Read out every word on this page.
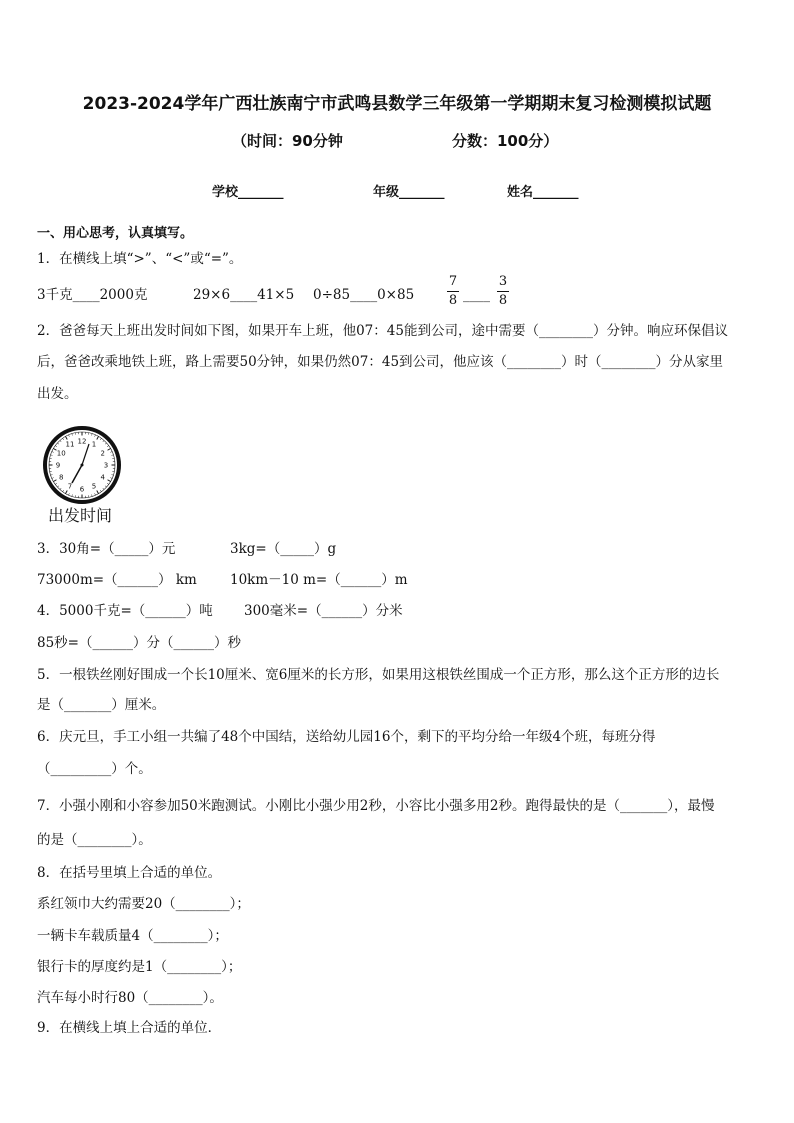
2023-2024学年广西壮族南宁市武鸣县数学三年级第一学期期末复习检测模拟试题
（时间：90分钟	分数：100分）
学校_______	年级_______	姓名_______
一、用心思考，认真填写。
1．在横线上填“>”、“<”或“=”。
3千克____2000克	29×6____41×5 0÷85____0×85
7
8 ____
3
8
2．爸爸每天上班出发时间如下图，如果开车上班，他07：45能到公司，途中需要（________）分钟。响应环保倡议
后，爸爸改乘地铁上班，路上需要50分钟，如果仍然07：45到公司，他应该（________）时（________）分从家里
出发。
12 1
2
3
4
5
6
7
8
9
10
11
出发时间
3．30角=（_____）元	3kg=（_____）g
73000m=（______） km 10km－10 m=（______）m
4．5000千克=（______）吨 300毫米=（______）分米
85秒=（______）分（______）秒
5．一根铁丝刚好围成一个长10厘米、宽6厘米的长方形，如果用这根铁丝围成一个正方形，那么这个正方形的边长
是（_______）厘米。
6．庆元旦，手工小组一共编了48个中国结，送给幼儿园16个，剩下的平均分给一年级4个班，每班分得
（_________）个。
7．小强小刚和小容参加50米跑测试。小刚比小强少用2秒，小容比小强多用2秒。跑得最快的是（_______），最慢
的是（________）。
8．在括号里填上合适的单位。
系红领巾大约需要20（________）；
一辆卡车载质量4（________）；
银行卡的厚度约是1（________）；
汽车每小时行80（________）。
9．在横线上填上合适的单位．
